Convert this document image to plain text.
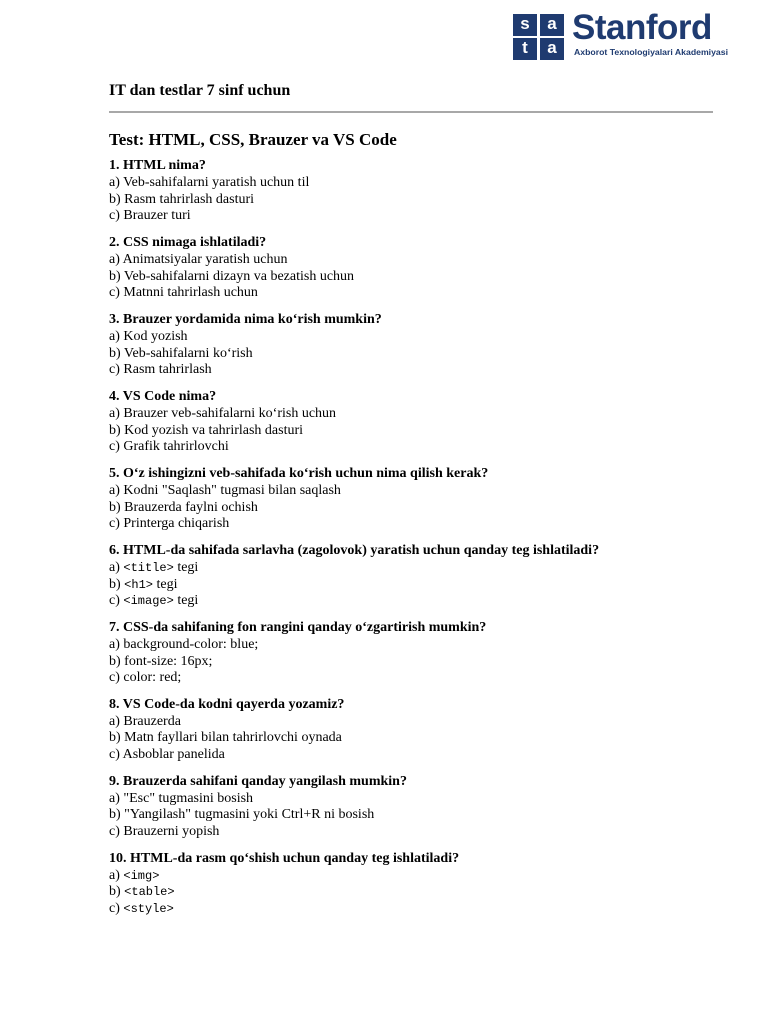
s	a
t	a
Stanford
Axborot Texnologiyalari Akademiyasi
IT dan testlar 7 sinf uchun
Test: HTML, CSS, Brauzer va VS Code
1. HTML nima?
a) Veb-sahifalarni yaratish uchun til
b) Rasm tahrirlash dasturi
c) Brauzer turi
2. CSS nimaga ishlatiladi?
a) Animatsiyalar yaratish uchun
b) Veb-sahifalarni dizayn va bezatish uchun
c) Matnni tahrirlash uchun
3. Brauzer yordamida nima ko‘rish mumkin?
a) Kod yozish
b) Veb-sahifalarni ko‘rish
c) Rasm tahrirlash
4. VS Code nima?
a) Brauzer veb-sahifalarni ko‘rish uchun
b) Kod yozish va tahrirlash dasturi
c) Grafik tahrirlovchi
5. O‘z ishingizni veb-sahifada ko‘rish uchun nima qilish kerak?
a) Kodni "Saqlash" tugmasi bilan saqlash
b) Brauzerda faylni ochish
c) Printerga chiqarish
6. HTML-da sahifada sarlavha (zagolovok) yaratish uchun qanday teg ishlatiladi?
a) <title> tegi
b) <h1> tegi
c) <image> tegi
7. CSS-da sahifaning fon rangini qanday o‘zgartirish mumkin?
a) background-color: blue;
b) font-size: 16px;
c) color: red;
8. VS Code-da kodni qayerda yozamiz?
a) Brauzerda
b) Matn fayllari bilan tahrirlovchi oynada
c) Asboblar panelida
9. Brauzerda sahifani qanday yangilash mumkin?
a) "Esc" tugmasini bosish
b) "Yangilash" tugmasini yoki Ctrl+R ni bosish
c) Brauzerni yopish
10. HTML-da rasm qo‘shish uchun qanday teg ishlatiladi?
a) <img>
b) <table>
c) <style>
